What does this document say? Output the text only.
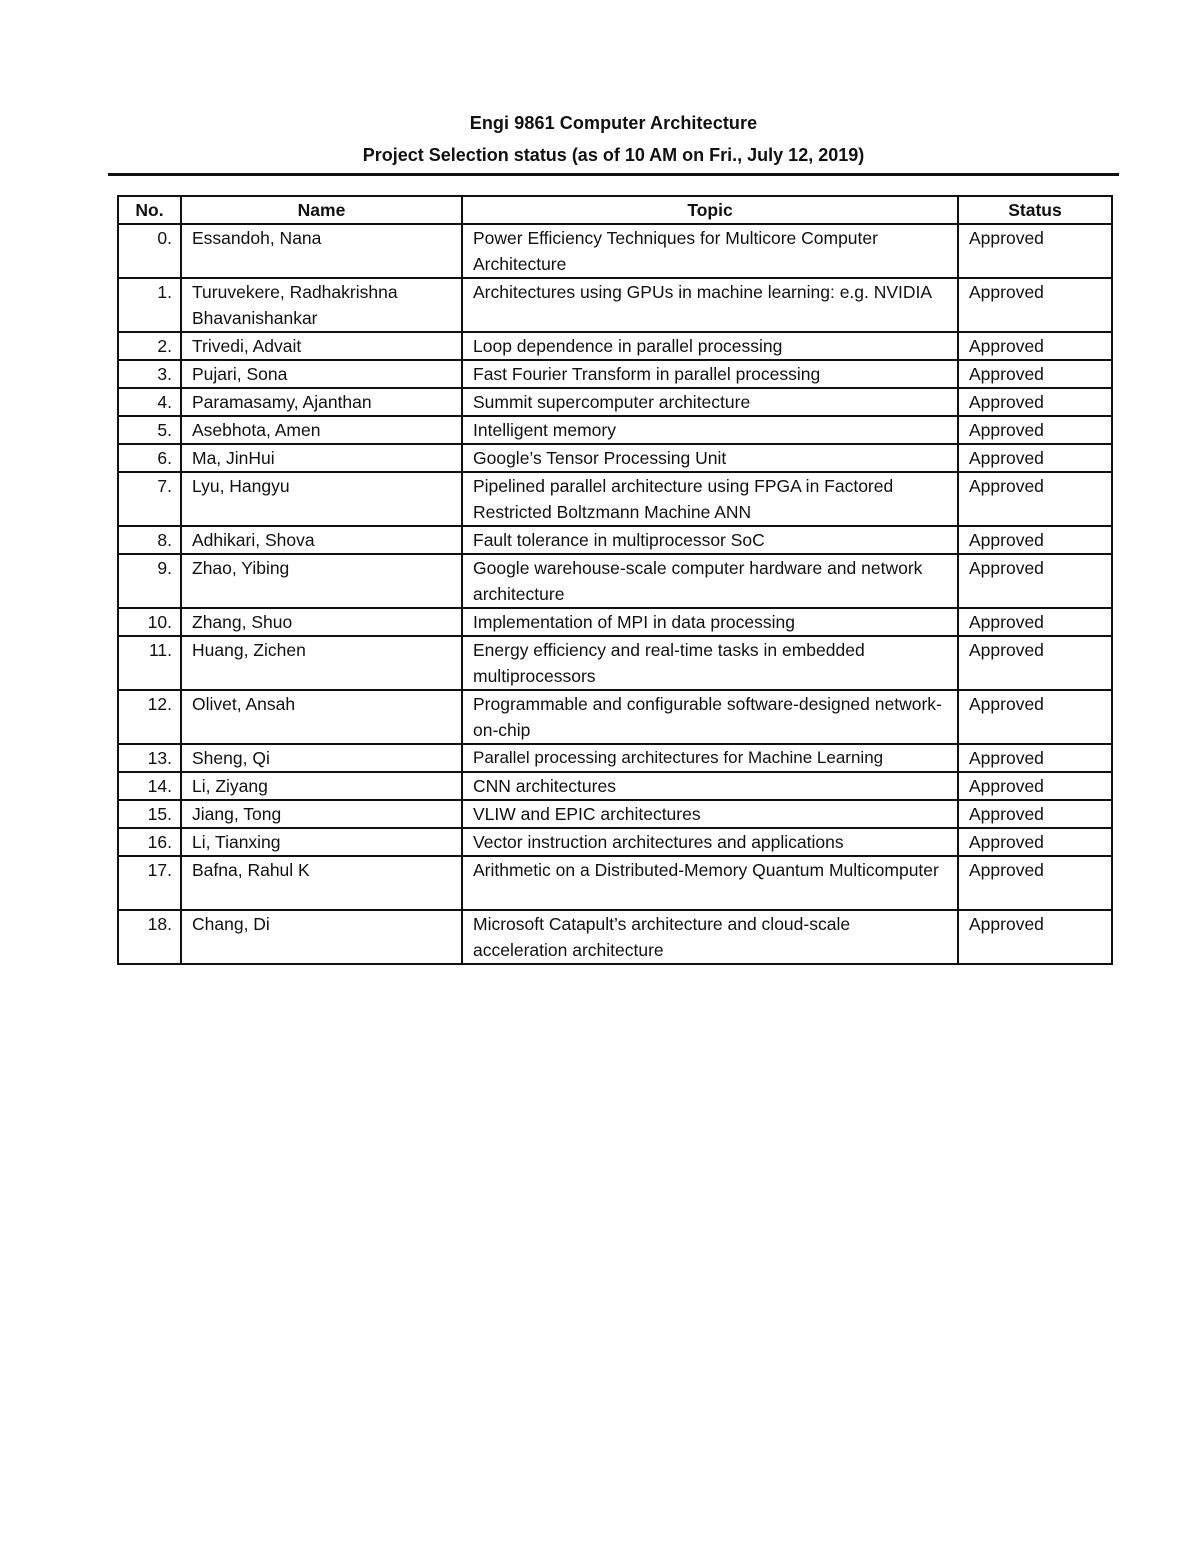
Engi 9861 Computer Architecture
Project Selection status (as of 10 AM on Fri., July 12, 2019)
No.	Name	Topic	Status
0.	Essandoh, Nana	Power Efficiency Techniques for Multicore Computer Architecture	Approved
1.	Turuvekere, Radhakrishna Bhavanishankar	Architectures using GPUs in machine learning: e.g. NVIDIA	Approved
2.	Trivedi, Advait	Loop dependence in parallel processing	Approved
3.	Pujari, Sona	Fast Fourier Transform in parallel processing	Approved
4.	Paramasamy, Ajanthan	Summit supercomputer architecture	Approved
5.	Asebhota, Amen	Intelligent memory	Approved
6.	Ma, JinHui	Google’s Tensor Processing Unit	Approved
7.	Lyu, Hangyu	Pipelined parallel architecture using FPGA in Factored Restricted Boltzmann Machine ANN	Approved
8.	Adhikari, Shova	Fault tolerance in multiprocessor SoC	Approved
9.	Zhao, Yibing	Google warehouse-scale computer hardware and network architecture	Approved
10.	Zhang, Shuo	Implementation of MPI in data processing	Approved
11.	Huang, Zichen	Energy efficiency and real-time tasks in embedded multiprocessors	Approved
12.	Olivet, Ansah	Programmable and configurable software-designed network-on-chip	Approved
13.	Sheng, Qi	Parallel processing architectures for Machine Learning	Approved
14.	Li, Ziyang	CNN architectures	Approved
15.	Jiang, Tong	VLIW and EPIC architectures	Approved
16.	Li, Tianxing	Vector instruction architectures and applications	Approved
17.	Bafna, Rahul K	Arithmetic on a Distributed-Memory Quantum Multicomputer	Approved
18.	Chang, Di	Microsoft Catapult’s architecture and cloud-scale acceleration architecture	Approved
